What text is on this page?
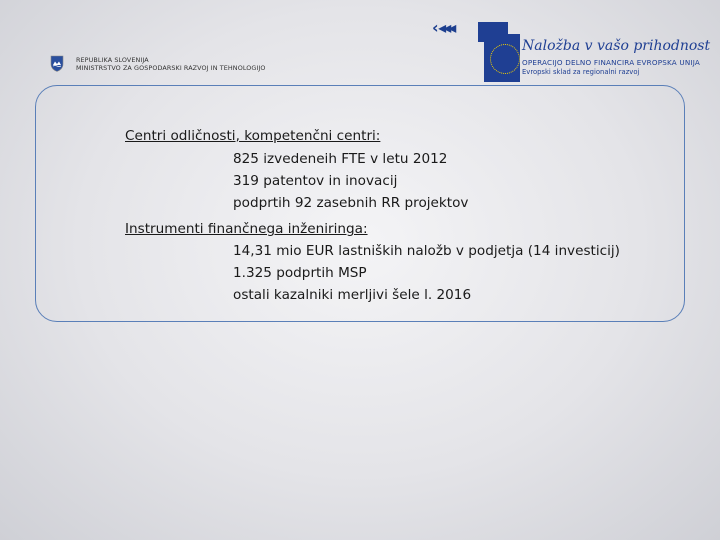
REPUBLIKA SLOVENIJA
MINISTRSTVO ZA GOSPODARSKI RAZVOJ IN TEHNOLOGIJO
‹ ◂◂◂
Naložba v vašo prihodnost
OPERACIJO DELNO FINANCIRA EVROPSKA UNIJA
Evropski sklad za regionalni razvoj
Centri odličnosti, kompetenčni centri:
825 izvedeneih FTE v letu 2012
319 patentov in inovacij
podprtih 92 zasebnih RR projektov
Instrumenti finančnega inženiringa:
14,31 mio EUR lastniških naložb v podjetja (14 investicij)
1.325 podprtih MSP
ostali kazalniki merljivi šele l. 2016
